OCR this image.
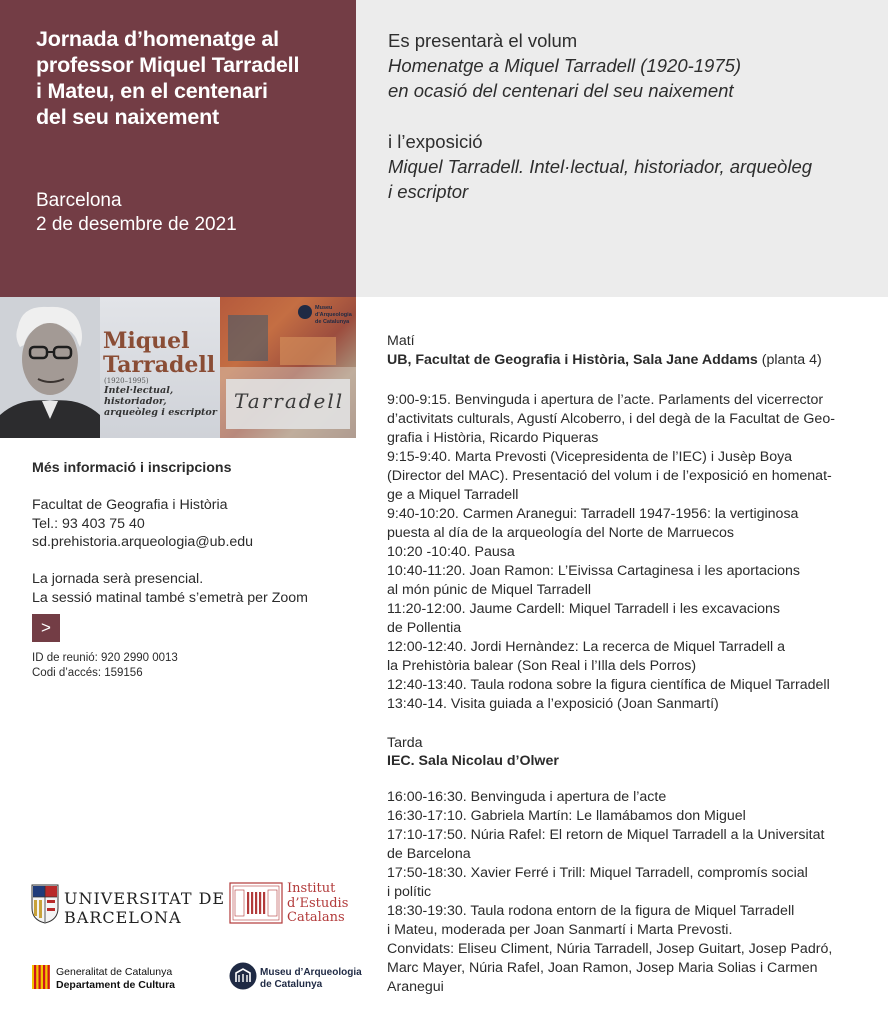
Jornada d’homenatge al
professor Miquel Tarradell
i Mateu, en el centenari
del seu naixement
Barcelona
2 de desembre de 2021
Es presentarà el volum
Homenatge a Miquel Tarradell (1920-1975)
en ocasió del centenari del seu naixement
i l’exposició
Miquel Tarradell. Intel·lectual, historiador, arqueòleg
i escriptor
Tarradell
Museu d'Arqueologia
de Catalunya
Miquel
Tarradell
(1920–1995)
Intel·lectual, historiador,
arqueòleg i escriptor
Més informació i inscripcions
Facultat de Geografia i Història
Tel.: 93 403 75 40
sd.prehistoria.arqueologia@ub.edu
La jornada serà presencial.
La sessió matinal també s’emetrà per Zoom
>
ID de reunió: 920 2990 0013
Codi d’accés: 159156
Matí
UB, Facultat de Geografia i Història, Sala Jane Addams (planta 4)
9:00-9:15. Benvinguda i apertura de l’acte. Parlaments del vicerrector
d’activitats culturals, Agustí Alcoberro, i del degà de la Facultat de Geo-
grafia i Història, Ricardo Piqueras
9:15-9:40. Marta Prevosti (Vicepresidenta de l’IEC) i Jusèp Boya
(Director del MAC). Presentació del volum i de l’exposició en homenat-
ge a Miquel Tarradell
9:40-10:20. Carmen Aranegui: Tarradell 1947-1956: la vertiginosa
puesta al día de la arqueología del Norte de Marruecos
10:20 -10:40. Pausa
10:40-11:20. Joan Ramon: L’Eivissa Cartaginesa i les aportacions
al món púnic de Miquel Tarradell
11:20-12:00. Jaume Cardell: Miquel Tarradell i les excavacions
de Pollentia
12:00-12:40. Jordi Hernàndez: La recerca de Miquel Tarradell a
la Prehistòria balear (Son Real i l’Illa dels Porros)
12:40-13:40. Taula rodona sobre la figura científica de Miquel Tarradell
13:40-14. Visita guiada a l’exposició (Joan Sanmartí)
Tarda
IEC. Sala Nicolau d’Olwer
16:00-16:30. Benvinguda i apertura de l’acte
16:30-17:10. Gabriela Martín: Le llamábamos don Miguel
17:10-17:50. Núria Rafel: El retorn de Miquel Tarradell a la Universitat
de Barcelona
17:50-18:30. Xavier Ferré i Trill: Miquel Tarradell, compromís social
i polític
18:30-19:30. Taula rodona entorn de la figura de Miquel Tarradell
i Mateu, moderada per Joan Sanmartí i Marta Prevosti.
Convidats: Eliseu Climent, Núria Tarradell, Josep Guitart, Josep Padró,
Marc Mayer, Núria Rafel, Joan Ramon, Josep Maria Solias i Carmen
Aranegui
UNIVERSITAT DE
BARCELONA
Institut
d’Estudis
Catalans
Generalitat de Catalunya
Departament de Cultura
Museu d’Arqueologia
de Catalunya
